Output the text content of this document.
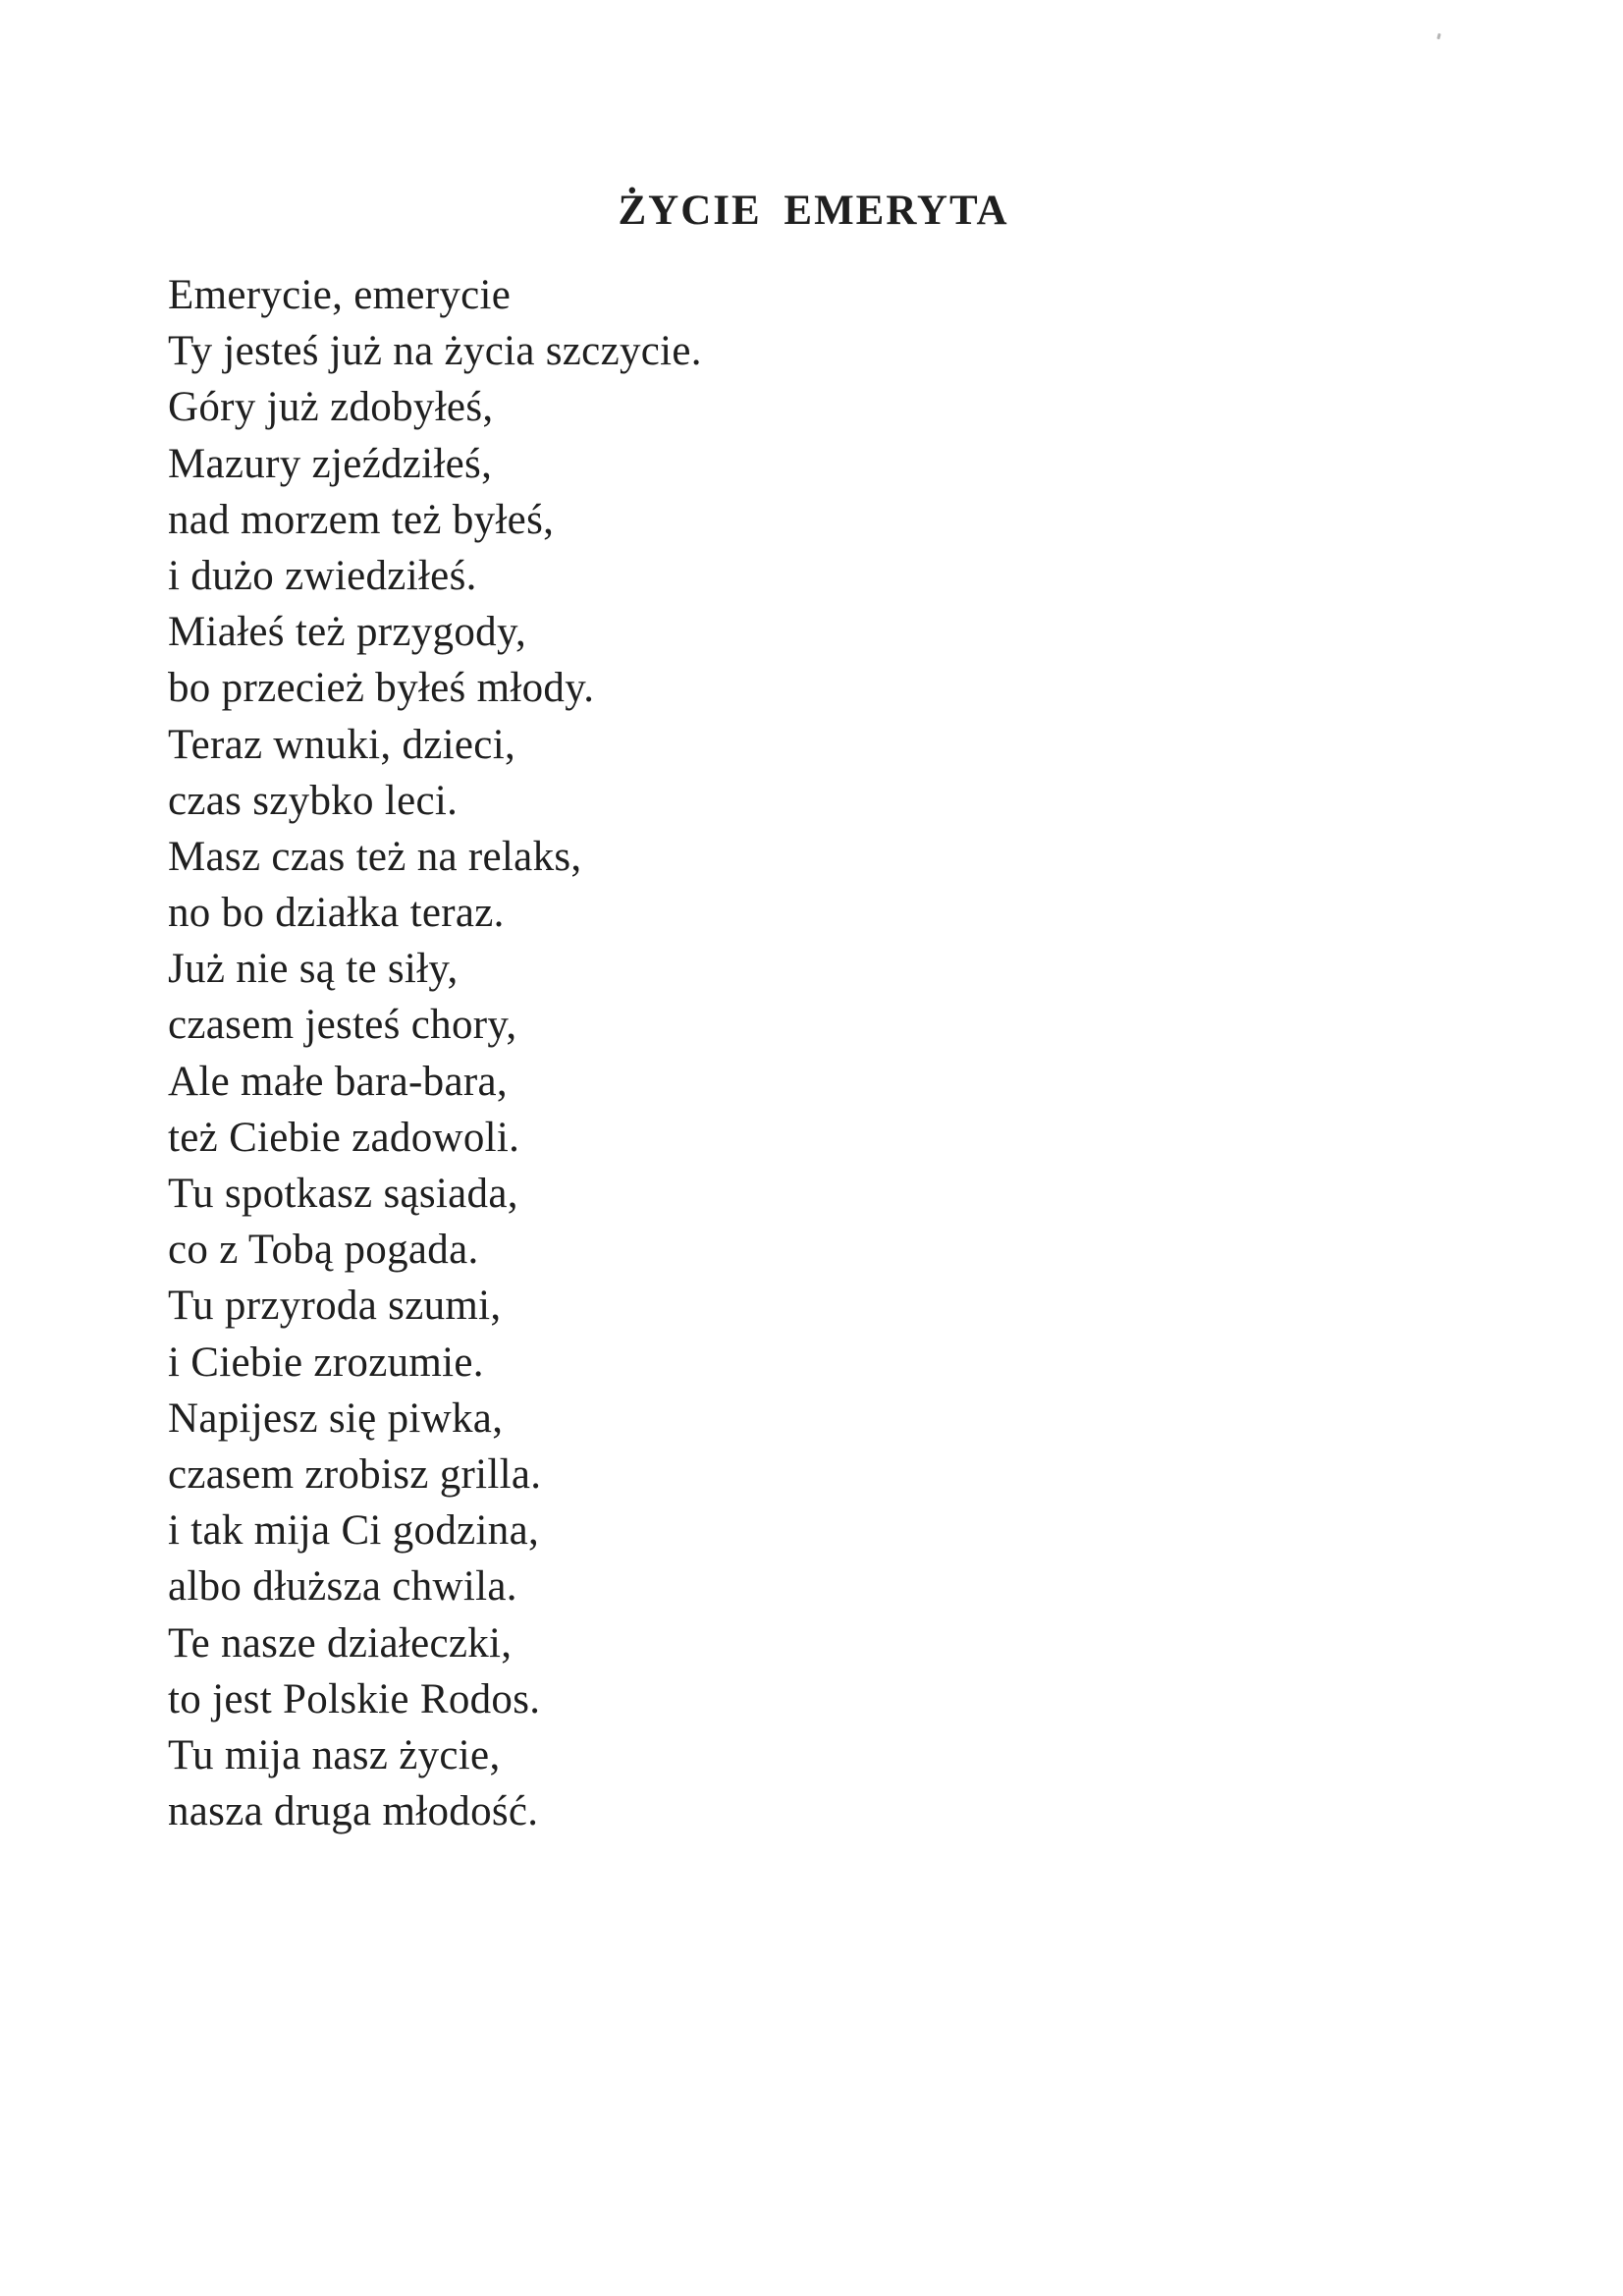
ŻYCIE EMERYTA
Emerycie, emerycie
Ty jesteś już na życia szczycie.
Góry już zdobyłeś,
Mazury zjeździłeś,
nad morzem też byłeś,
i dużo zwiedziłeś.
Miałeś też przygody,
bo przecież byłeś młody.
Teraz wnuki, dzieci,
czas szybko leci.
Masz czas też na relaks,
no bo działka teraz.
Już nie są te siły,
czasem jesteś chory,
Ale małe bara-bara,
też Ciebie zadowoli.
Tu spotkasz sąsiada,
co z Tobą pogada.
Tu przyroda szumi,
i Ciebie zrozumie.
Napijesz się piwka,
czasem zrobisz grilla.
i tak mija Ci godzina,
albo dłuższa chwila.
Te nasze działeczki,
to jest Polskie Rodos.
Tu mija nasz życie,
nasza druga młodość.
